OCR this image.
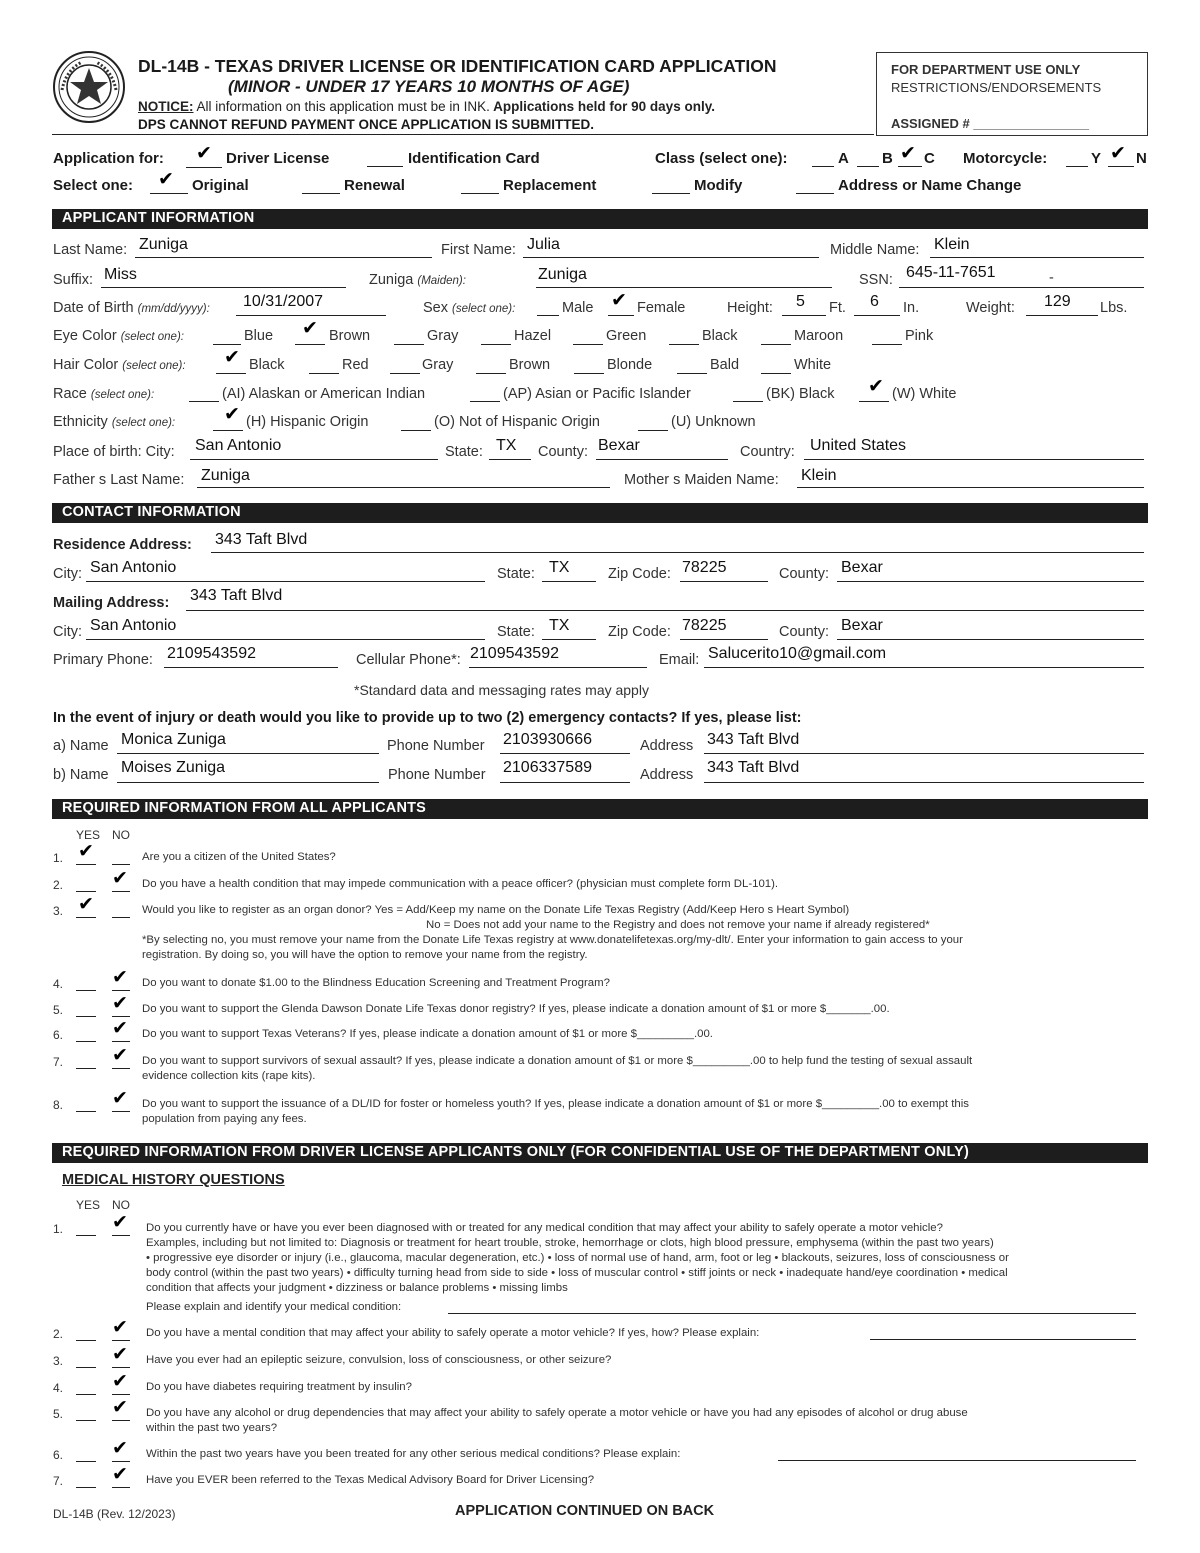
DL-14B - TEXAS DRIVER LICENSE OR IDENTIFICATION CARD APPLICATION
(MINOR - UNDER 17 YEARS 10 MONTHS OF AGE)
NOTICE: All information on this application must be in INK. Applications held for 90 days only.
DPS CANNOT REFUND PAYMENT ONCE APPLICATION IS SUBMITTED.
FOR DEPARTMENT USE ONLY
RESTRICTIONS/ENDORSEMENTS
ASSIGNED # ________________
Application for: ✔ Driver License	Identification Card	Class (select one):	A B ✔ C Motorcycle:	Y ✔ N
Select one: ✔ Original	Renewal	Replacement	Modify	Address or Name Change
APPLICANT INFORMATION
Last Name: Zuniga	First Name: Julia	Middle Name: Klein
Suffix: Miss	Zuniga (Maiden):	Zuniga	SSN: 645-11-7651	-
Date of Birth (mm/dd/yyyy): 10/31/2007	Sex (select one):	Male ✔ Female	Height: 5 Ft. 6 In.	Weight: 129 Lbs.
Eye Color (select one):	Blue ✔ Brown	Gray	Hazel	Green	Black	Maroon	Pink
Hair Color (select one): ✔ Black	Red	Gray	Brown	Blonde	Bald	White
Race (select one):	(AI) Alaskan or American Indian	(AP) Asian or Pacific Islander	(BK) Black ✔ (W) White
Ethnicity (select one):	✔ (H) Hispanic Origin	(O) Not of Hispanic Origin	(U) Unknown
Place of birth: City: San Antonio	State: TX County: Bexar	Country: United States
Father s Last Name: Zuniga	Mother s Maiden Name: Klein
CONTACT INFORMATION
Residence Address: 343 Taft Blvd
City: San Antonio	State: TX	Zip Code: 78225	County: Bexar
Mailing Address: 343 Taft Blvd
City: San Antonio	State: TX	Zip Code: 78225	County: Bexar
Primary Phone: 2109543592	Cellular Phone*: 2109543592	Email: Salucerito10@gmail.com
*Standard data and messaging rates may apply
In the event of injury or death would you like to provide up to two (2) emergency contacts? If yes, please list:
a) Name Monica Zuniga	Phone Number 2103930666	Address 343 Taft Blvd
b) Name Moises Zuniga	Phone Number 2106337589	Address 343 Taft Blvd
REQUIRED INFORMATION FROM ALL APPLICANTS
YES NO
1. ✔	Are you a citizen of the United States?
2.	✔ Do you have a health condition that may impede communication with a peace officer? (physician must complete form DL-101).
3. ✔	Would you like to register as an organ donor? Yes = Add/Keep my name on the Donate Life Texas Registry (Add/Keep Hero s Heart Symbol)
No = Does not add your name to the Registry and does not remove your name if already registered*
*By selecting no, you must remove your name from the Donate Life Texas registry at www.donatelifetexas.org/my-dlt/. Enter your information to gain access to your
registration. By doing so, you will have the option to remove your name from the registry.
4.	✔ Do you want to donate $1.00 to the Blindness Education Screening and Treatment Program?
5.	✔ Do you want to support the Glenda Dawson Donate Life Texas donor registry? If yes, please indicate a donation amount of $1 or more $_______.00.
6.	✔ Do you want to support Texas Veterans? If yes, please indicate a donation amount of $1 or more $_________.00.
7.	✔ Do you want to support survivors of sexual assault? If yes, please indicate a donation amount of $1 or more $_________.00 to help fund the testing of sexual assault
evidence collection kits (rape kits).
8.	✔ Do you want to support the issuance of a DL/ID for foster or homeless youth? If yes, please indicate a donation amount of $1 or more $_________.00 to exempt this
population from paying any fees.
REQUIRED INFORMATION FROM DRIVER LICENSE APPLICANTS ONLY (FOR CONFIDENTIAL USE OF THE DEPARTMENT ONLY)
MEDICAL HISTORY QUESTIONS
YES NO
1.	✔ Do you currently have or have you ever been diagnosed with or treated for any medical condition that may affect your ability to safely operate a motor vehicle?
Examples, including but not limited to: Diagnosis or treatment for heart trouble, stroke, hemorrhage or clots, high blood pressure, emphysema (within the past two years)
• progressive eye disorder or injury (i.e., glaucoma, macular degeneration, etc.) • loss of normal use of hand, arm, foot or leg • blackouts, seizures, loss of consciousness or
body control (within the past two years) • difficulty turning head from side to side • loss of muscular control • stiff joints or neck • inadequate hand/eye coordination • medical
condition that affects your judgment • dizziness or balance problems • missing limbs
Please explain and identify your medical condition:
2.	✔ Do you have a mental condition that may affect your ability to safely operate a motor vehicle? If yes, how? Please explain:
3.	✔ Have you ever had an epileptic seizure, convulsion, loss of consciousness, or other seizure?
4.	✔ Do you have diabetes requiring treatment by insulin?
5.	✔ Do you have any alcohol or drug dependencies that may affect your ability to safely operate a motor vehicle or have you had any episodes of alcohol or drug abuse
within the past two years?
6.	✔ Within the past two years have you been treated for any other serious medical conditions? Please explain:
7.	✔ Have you EVER been referred to the Texas Medical Advisory Board for Driver Licensing?
DL-14B (Rev. 12/2023)	APPLICATION CONTINUED ON BACK
